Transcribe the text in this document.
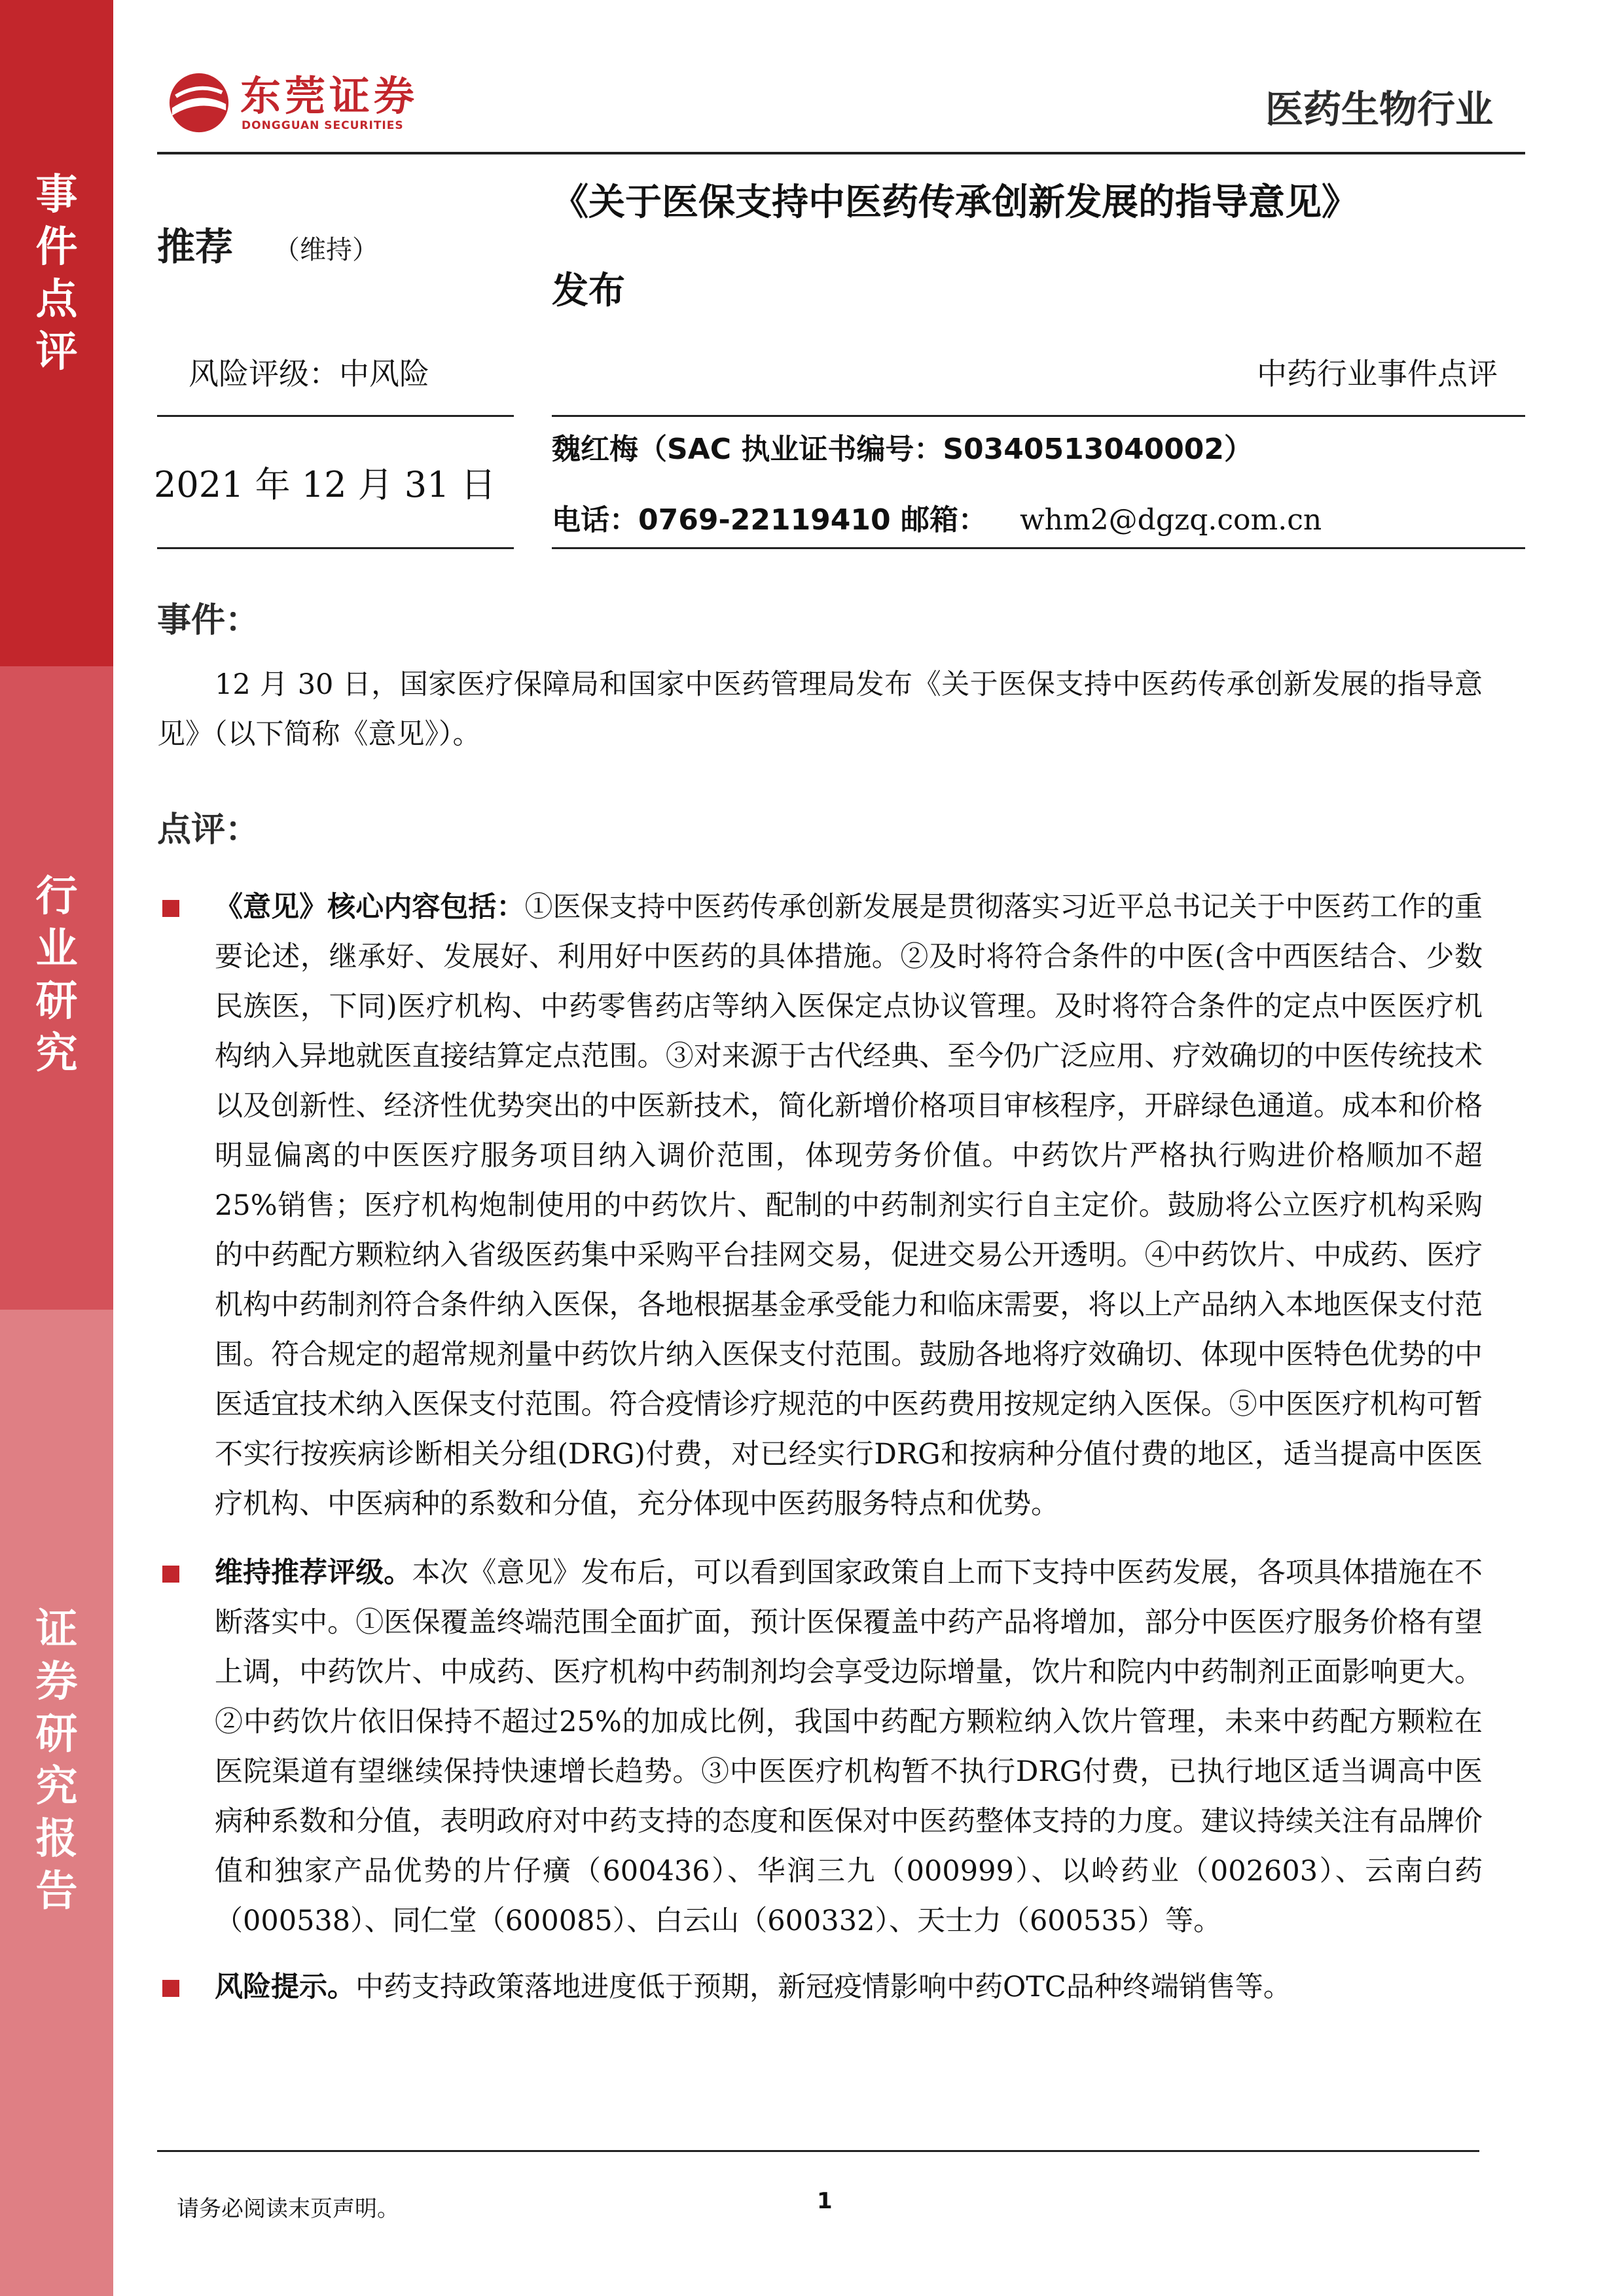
事
件
点
评
行
业
研
究
证
券
研
究
报
告
东莞证券
DONGGUAN SECURITIES	医药生物行业
推荐 （维持）
《关于医保支持中医药传承创新发展的指导意见》
发布
风险评级：中风险	中药行业事件点评
2021 年 12 月 31 日
魏红梅（SAC 执业证书编号：S0340513040002）
电话：0769-22119410 邮箱： whm2@dgzq.com.cn
事件：
12 月 30 日，国家医疗保障局和国家中医药管理局发布《关于医保支持中医药传承创新发展的指导意见》（以下简称《意见》）。
点评：
《意见》核心内容包括：①医保支持中医药传承创新发展是贯彻落实习近平总书记关于中医药工作的重要论述，继承好、发展好、利用好中医药的具体措施。②及时将符合条件的中医(含中西医结合、少数民族医，下同)医疗机构、中药零售药店等纳入医保定点协议管理。及时将符合条件的定点中医医疗机构纳入异地就医直接结算定点范围。③对来源于古代经典、至今仍广泛应用、疗效确切的中医传统技术以及创新性、经济性优势突出的中医新技术，简化新增价格项目审核程序，开辟绿色通道。成本和价格明显偏离的中医医疗服务项目纳入调价范围，体现劳务价值。中药饮片严格执行购进价格顺加不超25%销售；医疗机构炮制使用的中药饮片、配制的中药制剂实行自主定价。鼓励将公立医疗机构采购的中药配方颗粒纳入省级医药集中采购平台挂网交易，促进交易公开透明。④中药饮片、中成药、医疗机构中药制剂符合条件纳入医保，各地根据基金承受能力和临床需要，将以上产品纳入本地医保支付范围。符合规定的超常规剂量中药饮片纳入医保支付范围。鼓励各地将疗效确切、体现中医特色优势的中医适宜技术纳入医保支付范围。符合疫情诊疗规范的中医药费用按规定纳入医保。⑤中医医疗机构可暂不实行按疾病诊断相关分组(DRG)付费，对已经实行DRG和按病种分值付费的地区，适当提高中医医疗机构、中医病种的系数和分值，充分体现中医药服务特点和优势。
维持推荐评级。本次《意见》发布后，可以看到国家政策自上而下支持中医药发展，各项具体措施在不断落实中。①医保覆盖终端范围全面扩面，预计医保覆盖中药产品将增加，部分中医医疗服务价格有望上调，中药饮片、中成药、医疗机构中药制剂均会享受边际增量，饮片和院内中药制剂正面影响更大。②中药饮片依旧保持不超过25%的加成比例，我国中药配方颗粒纳入饮片管理，未来中药配方颗粒在医院渠道有望继续保持快速增长趋势。③中医医疗机构暂不执行DRG付费，已执行地区适当调高中医病种系数和分值，表明政府对中药支持的态度和医保对中医药整体支持的力度。建议持续关注有品牌价值和独家产品优势的片仔癀（600436）、华润三九（000999）、以岭药业（002603）、云南白药（000538）、同仁堂（600085）、白云山（600332）、天士力（600535）等。
风险提示。中药支持政策落地进度低于预期，新冠疫情影响中药OTC品种终端销售等。
请务必阅读末页声明。	1
